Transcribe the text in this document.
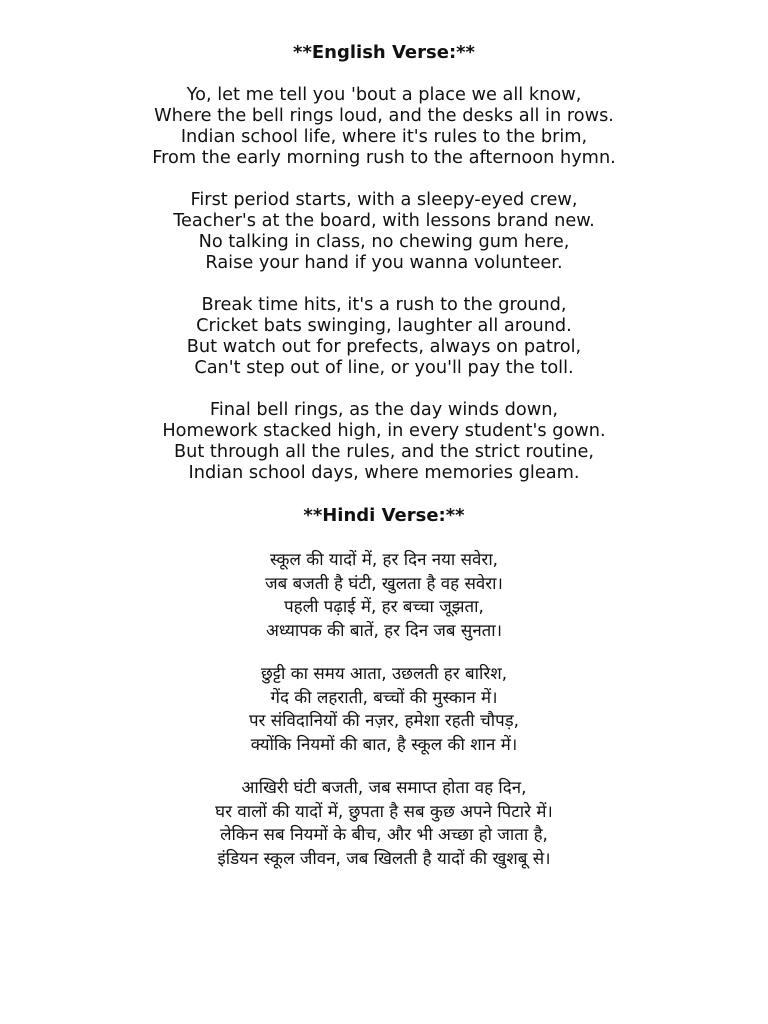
**English Verse:**
Yo, let me tell you 'bout a place we all know,
Where the bell rings loud, and the desks all in rows.
Indian school life, where it's rules to the brim,
From the early morning rush to the afternoon hymn.
First period starts, with a sleepy-eyed crew,
Teacher's at the board, with lessons brand new.
No talking in class, no chewing gum here,
Raise your hand if you wanna volunteer.
Break time hits, it's a rush to the ground,
Cricket bats swinging, laughter all around.
But watch out for prefects, always on patrol,
Can't step out of line, or you'll pay the toll.
Final bell rings, as the day winds down,
Homework stacked high, in every student's gown.
But through all the rules, and the strict routine,
Indian school days, where memories gleam.
**Hindi Verse:**
स्कूल की यादों में, हर दिन नया सवेरा,
जब बजती है घंटी, खुलता है वह सवेरा।
पहली पढ़ाई में, हर बच्चा जूझता,
अध्यापक की बातें, हर दिन जब सुनता।
छुट्टी का समय आता, उछलती हर बारिश,
गेंद की लहराती, बच्चों की मुस्कान में।
पर संविदानियों की नज़र, हमेशा रहती चौपड़,
क्योंकि नियमों की बात, है स्कूल की शान में।
आखिरी घंटी बजती, जब समाप्त होता वह दिन,
घर वालों की यादों में, छुपता है सब कुछ अपने पिटारे में।
लेकिन सब नियमों के बीच, और भी अच्छा हो जाता है,
इंडियन स्कूल जीवन, जब खिलती है यादों की खुशबू से।
